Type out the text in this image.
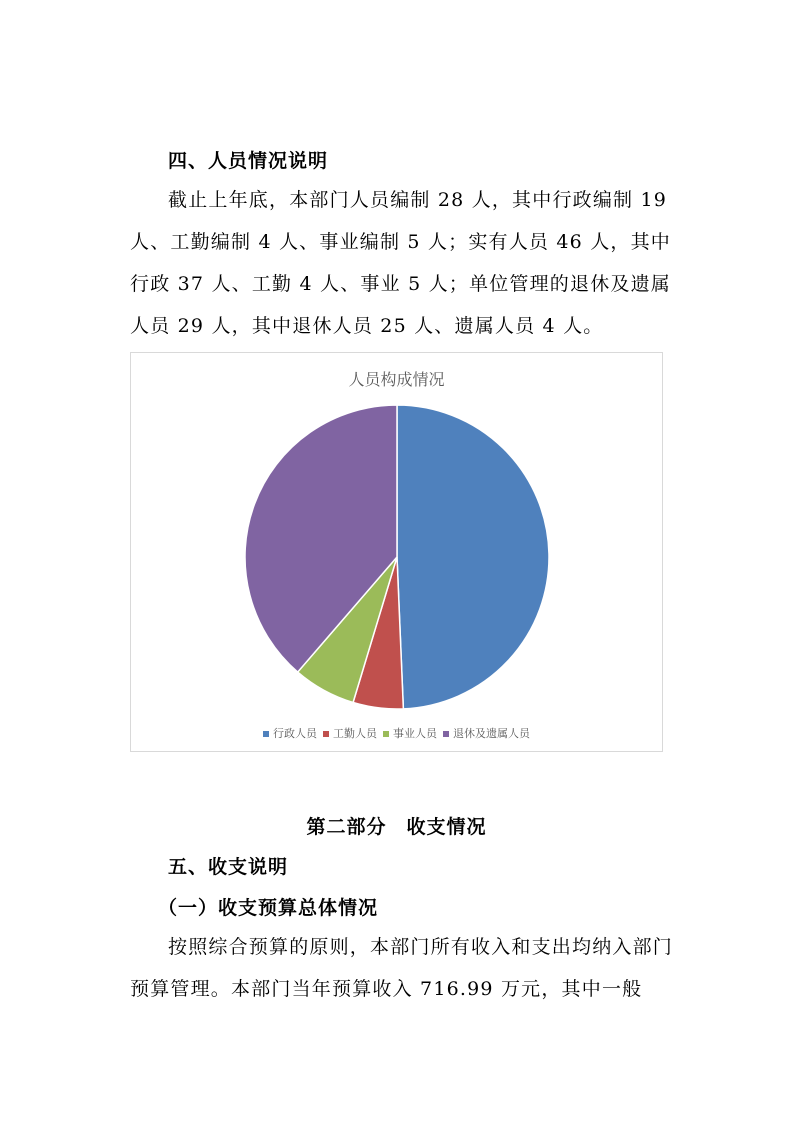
四、人员情况说明
截止上年底，本部门人员编制 28 人，其中行政编制 19 人、工勤编制 4 人、事业编制 5 人；实有人员 46 人，其中行政 37 人、工勤 4 人、事业 5 人；单位管理的退休及遗属人员 29 人，其中退休人员 25 人、遗属人员 4 人。
人员构成情况
行政人员 工勤人员 事业人员 退休及遗属人员
第二部分　收支情况
五、收支说明
（一）收支预算总体情况
按照综合预算的原则，本部门所有收入和支出均纳入部门预算管理。本部门当年预算收入 716.99 万元，其中一般
